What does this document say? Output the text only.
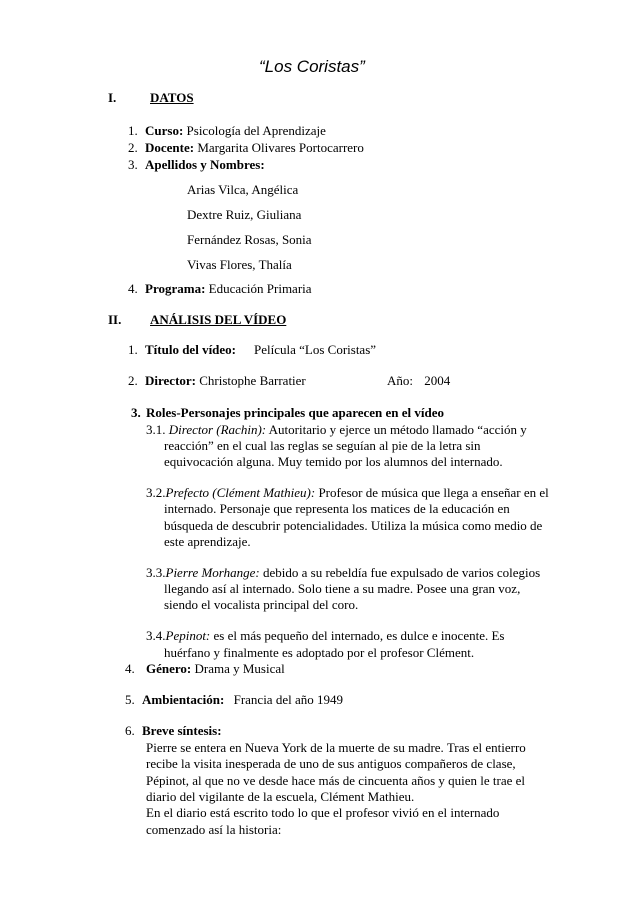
“Los Coristas”
I.	DATOS
1. Curso: Psicología del Aprendizaje
2. Docente: Margarita Olivares Portocarrero
3. Apellidos y Nombres:
Arias Vilca, Angélica
Dextre Ruiz, Giuliana
Fernández Rosas, Sonia
Vivas Flores, Thalía
4. Programa: Educación Primaria
II. ANÁLISIS DEL VÍDEO
1. Título del vídeo: Película “Los Coristas”
2. Director: Christophe Barratier	Año: 2004
3. Roles-Personajes principales que aparecen en el vídeo
3.1. Director (Rachin): Autoritario y ejerce un método llamado “acción y
reacción” en el cual las reglas se seguían al pie de la letra sin
equivocación alguna. Muy temido por los alumnos del internado.
3.2.Prefecto (Clément Mathieu): Profesor de música que llega a enseñar en el
internado. Personaje que representa los matices de la educación en
búsqueda de descubrir potencialidades. Utiliza la música como medio de
este aprendizaje.
3.3.Pierre Morhange: debido a su rebeldía fue expulsado de varios colegios
llegando así al internado. Solo tiene a su madre. Posee una gran voz,
siendo el vocalista principal del coro.
3.4.Pepinot: es el más pequeño del internado, es dulce e inocente. Es
huérfano y finalmente es adoptado por el profesor Clément.
4. Género: Drama y Musical
5. Ambientación: Francia del año 1949
6. Breve síntesis:
Pierre se entera en Nueva York de la muerte de su madre. Tras el entierro
recibe la visita inesperada de uno de sus antiguos compañeros de clase,
Pépinot, al que no ve desde hace más de cincuenta años y quien le trae el
diario del vigilante de la escuela, Clément Mathieu.
En el diario está escrito todo lo que el profesor vivió en el internado
comenzado así la historia:
